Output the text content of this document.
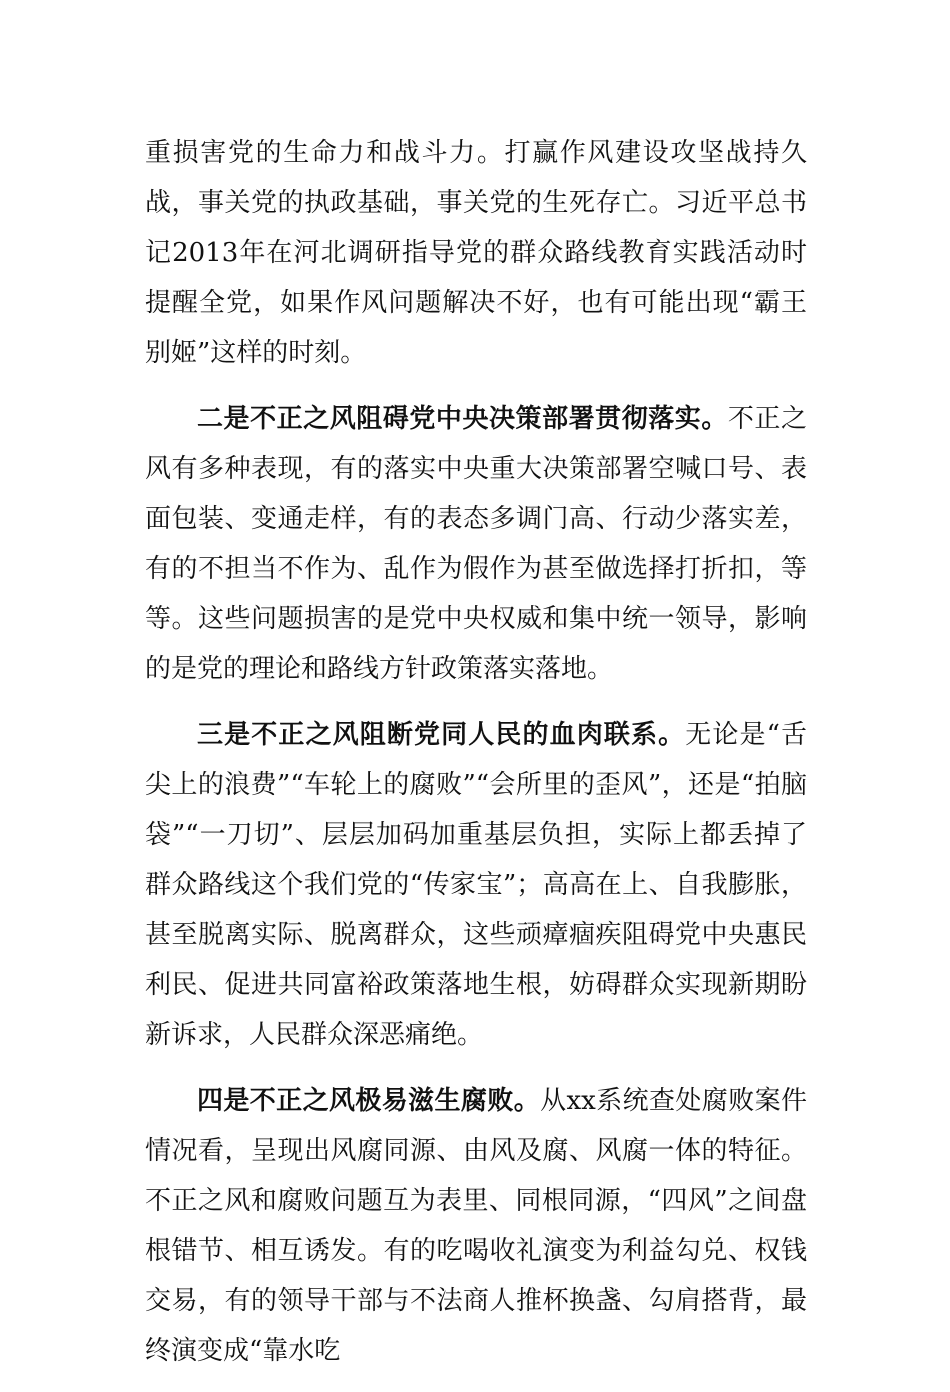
重损害党的生命力和战斗力。打赢作风建设攻坚战持久战，事关党的执政基础，事关党的生死存亡。习近平总书记2013年在河北调研指导党的群众路线教育实践活动时提醒全党，如果作风问题解决不好，也有可能出现“霸王别姬”这样的时刻。

二是不正之风阻碍党中央决策部署贯彻落实。不正之风有多种表现，有的落实中央重大决策部署空喊口号、表面包装、变通走样，有的表态多调门高、行动少落实差，有的不担当不作为、乱作为假作为甚至做选择打折扣，等等。这些问题损害的是党中央权威和集中统一领导，影响的是党的理论和路线方针政策落实落地。

三是不正之风阻断党同人民的血肉联系。无论是“舌尖上的浪费”“车轮上的腐败”“会所里的歪风”，还是“拍脑袋”“一刀切”、层层加码加重基层负担，实际上都丢掉了群众路线这个我们党的“传家宝”；高高在上、自我膨胀，甚至脱离实际、脱离群众，这些顽瘴痼疾阻碍党中央惠民利民、促进共同富裕政策落地生根，妨碍群众实现新期盼新诉求，人民群众深恶痛绝。

四是不正之风极易滋生腐败。从xx系统查处腐败案件情况看，呈现出风腐同源、由风及腐、风腐一体的特征。不正之风和腐败问题互为表里、同根同源，“四风”之间盘根错节、相互诱发。有的吃喝收礼演变为利益勾兑、权钱交易，有的领导干部与不法商人推杯换盏、勾肩搭背，最终演变成“靠水吃
